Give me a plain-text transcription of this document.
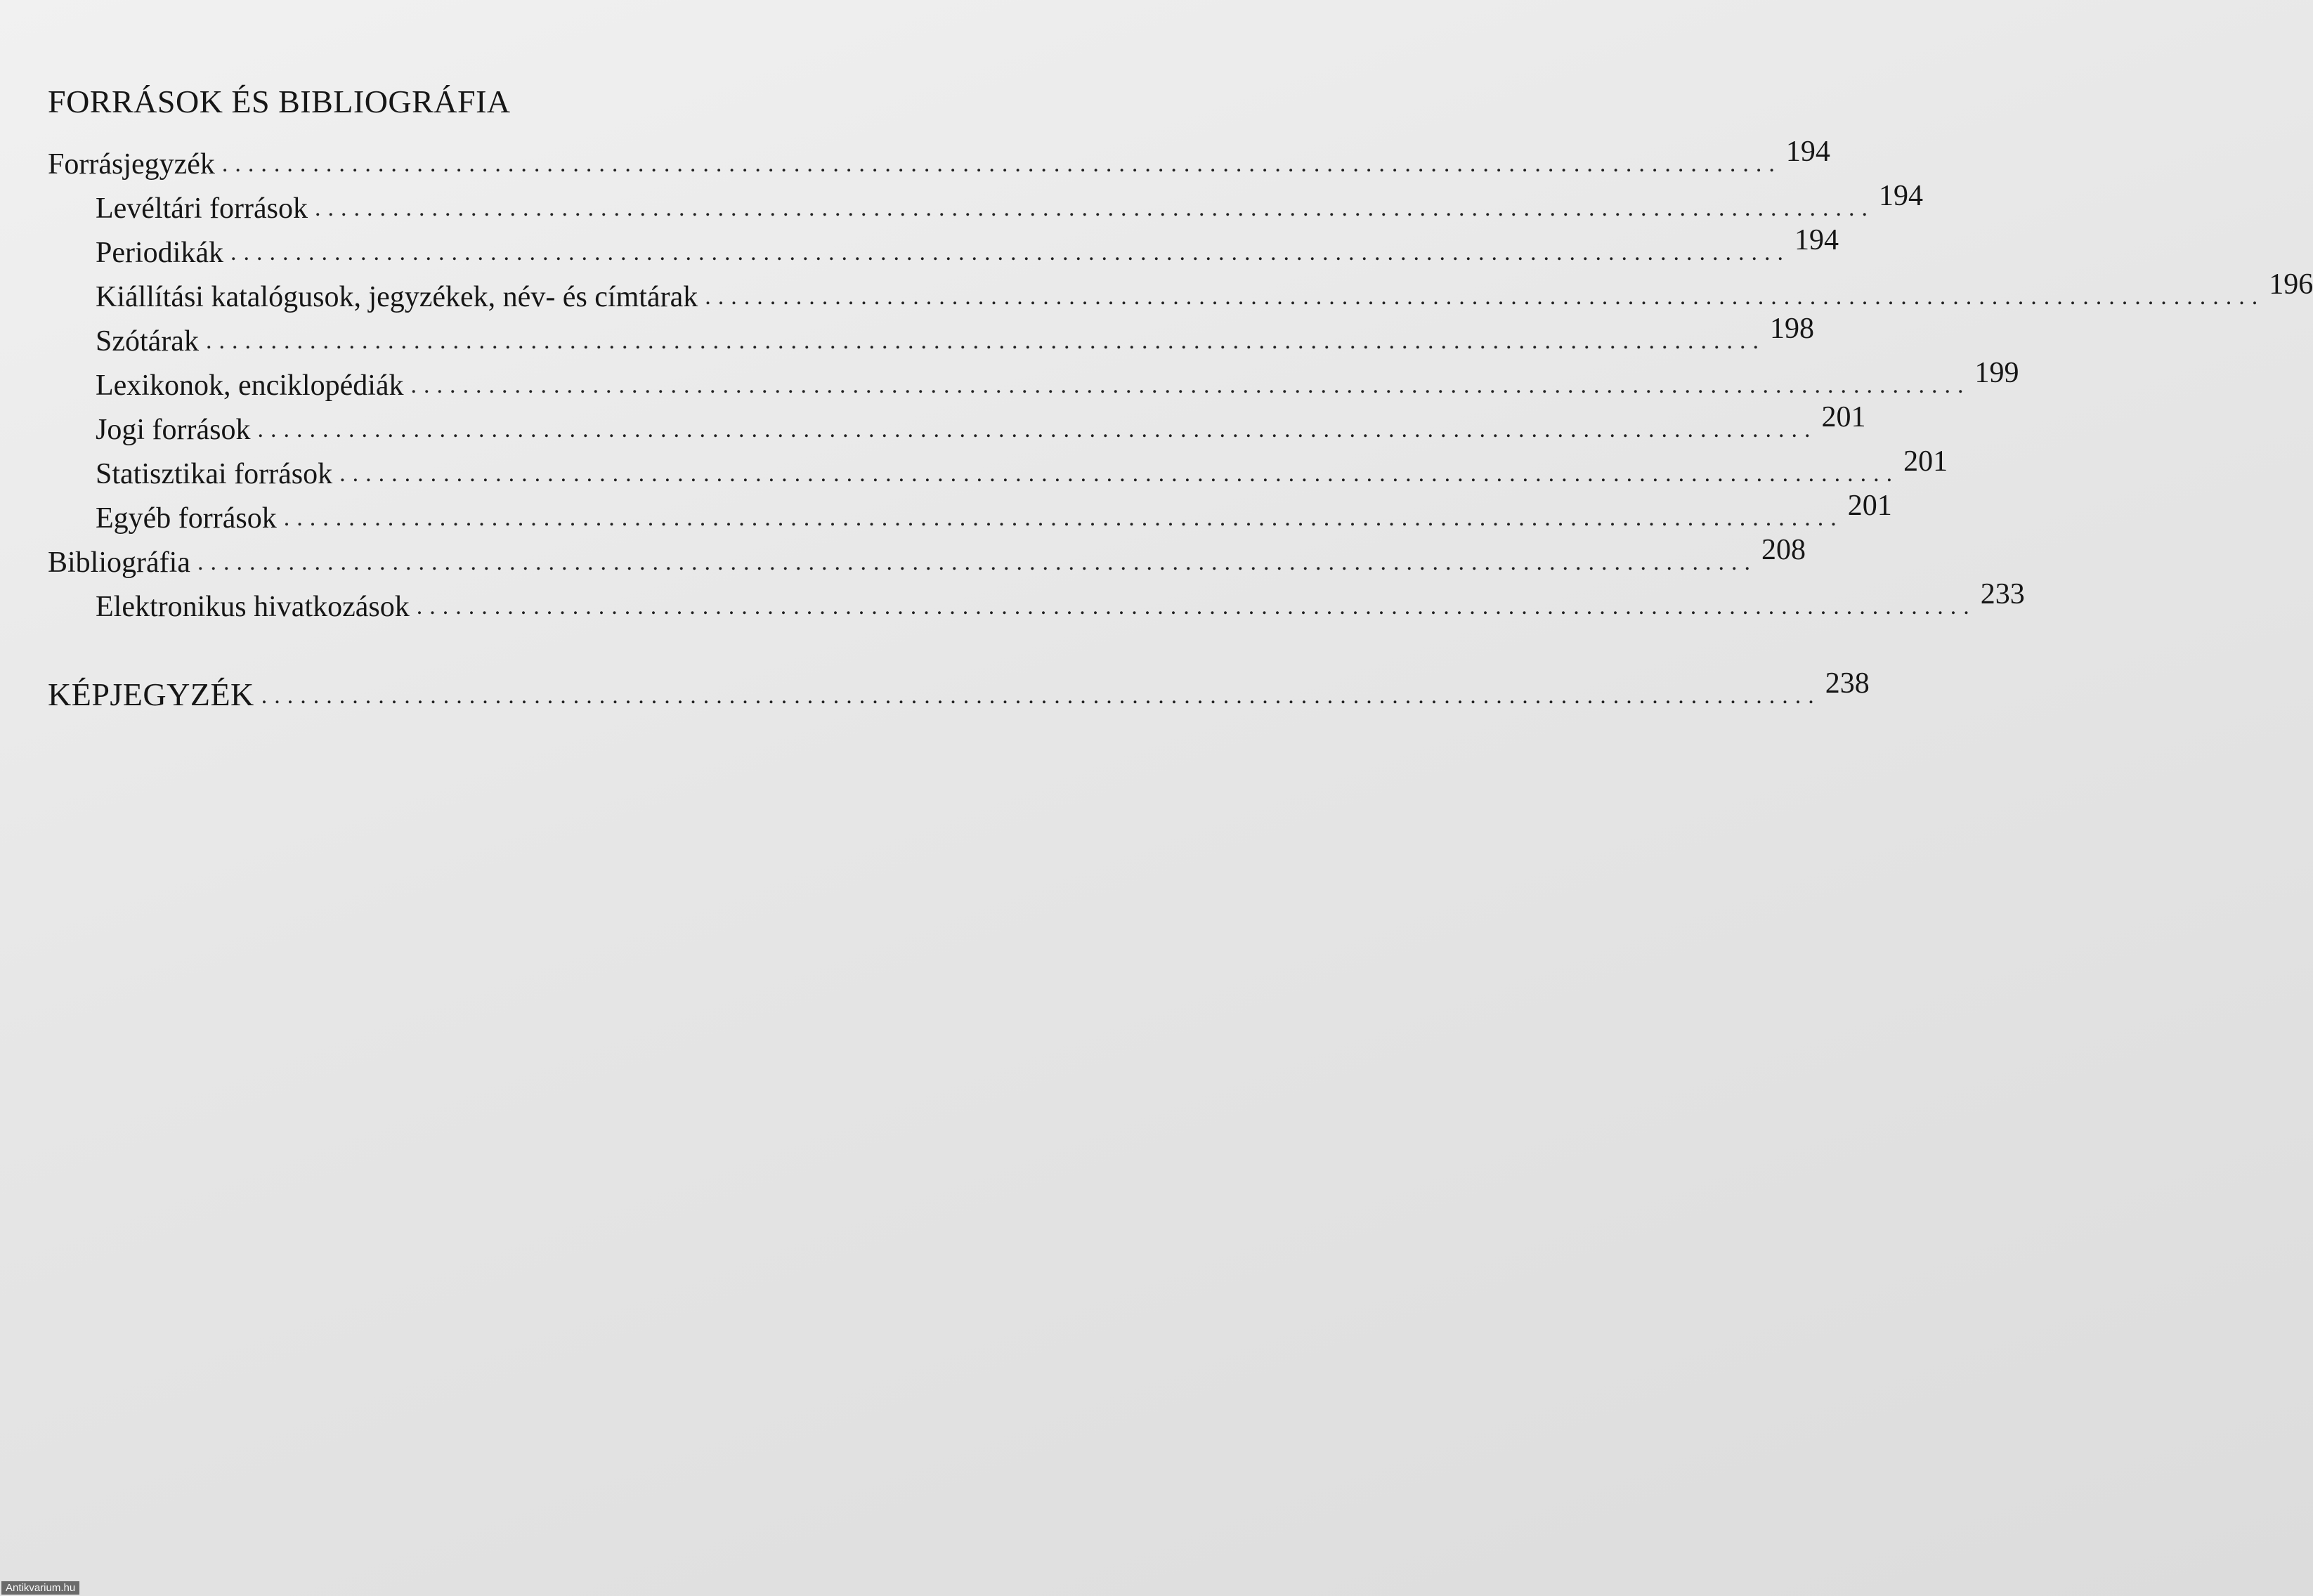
FORRÁSOK ÉS BIBLIOGRÁFIA
Forrásjegyzék ........................................................................................................................ 194
Levéltári források ........................................................................................................................ 194
Periodikák ........................................................................................................................ 194
Kiállítási katalógusok, jegyzékek, név- és címtárak ........................................................................................................................ 196
Szótárak ........................................................................................................................ 198
Lexikonok, enciklopédiák ........................................................................................................................ 199
Jogi források ........................................................................................................................ 201
Statisztikai források ........................................................................................................................ 201
Egyéb források ........................................................................................................................ 201
Bibliográfia ........................................................................................................................ 208
Elektronikus hivatkozások ........................................................................................................................ 233
KÉPJEGYZÉK ........................................................................................................................ 238
Antikvarium.hu
